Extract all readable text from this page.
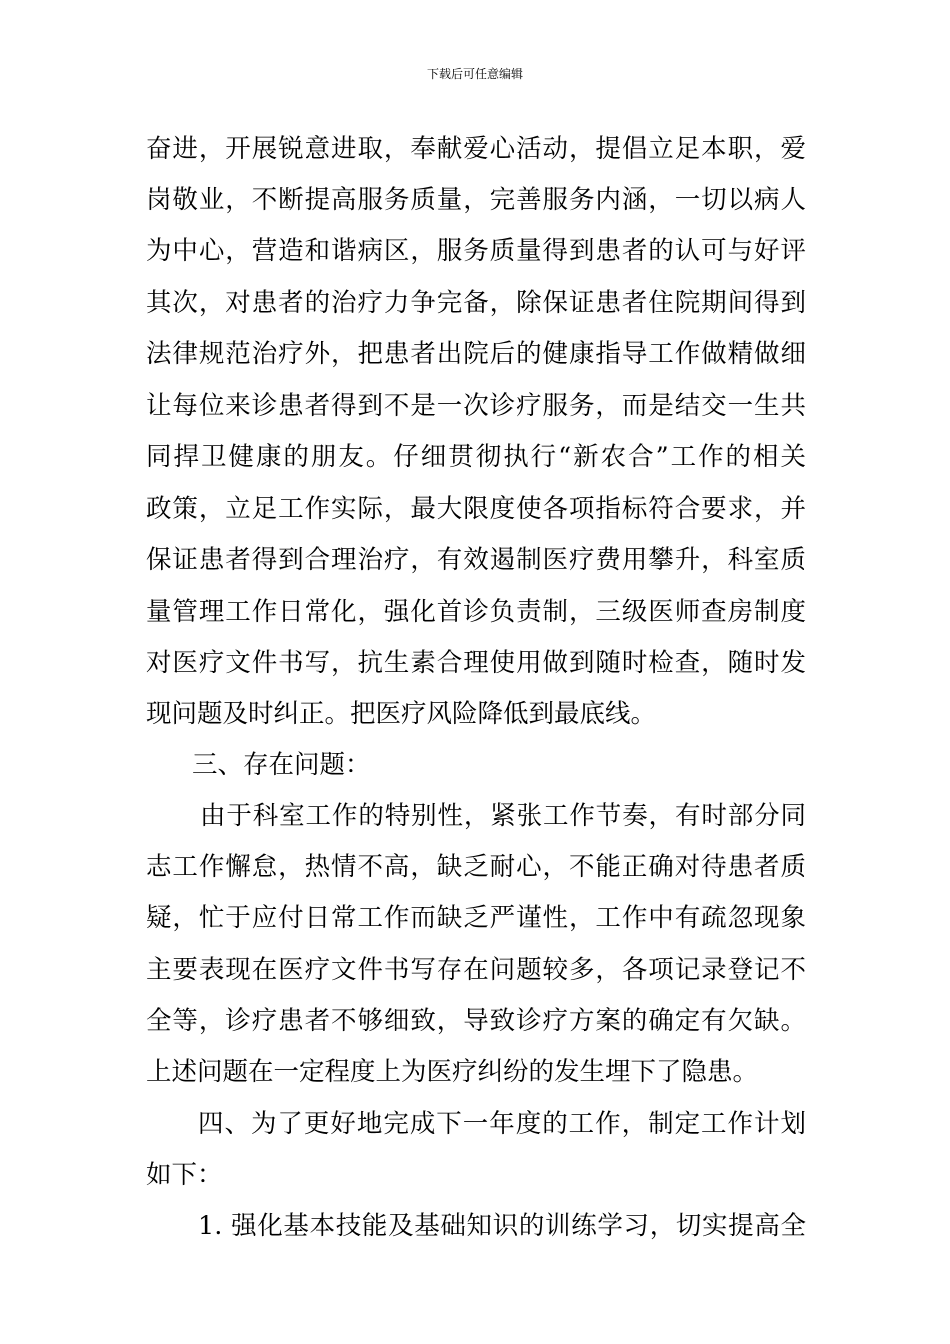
下载后可任意编辑
奋进，开展锐意进取，奉献爱心活动，提倡立足本职，爱
岗敬业，不断提高服务质量，完善服务内涵，一切以病人
为中心，营造和谐病区，服务质量得到患者的认可与好评
其次，对患者的治疗力争完备，除保证患者住院期间得到
法律规范治疗外，把患者出院后的健康指导工作做精做细
让每位来诊患者得到不是一次诊疗服务，而是结交一生共
同捍卫健康的朋友。仔细贯彻执行“新农合”工作的相关
政策，立足工作实际，最大限度使各项指标符合要求，并
保证患者得到合理治疗，有效遏制医疗费用攀升，科室质
量管理工作日常化，强化首诊负责制，三级医师查房制度
对医疗文件书写，抗生素合理使用做到随时检查，随时发
现问题及时纠正。把医疗风险降低到最底线。
三、存在问题：
由于科室工作的特别性，紧张工作节奏，有时部分同
志工作懈怠，热情不高，缺乏耐心，不能正确对待患者质
疑，忙于应付日常工作而缺乏严谨性，工作中有疏忽现象
主要表现在医疗文件书写存在问题较多，各项记录登记不
全等，诊疗患者不够细致，导致诊疗方案的确定有欠缺。
上述问题在一定程度上为医疗纠纷的发生埋下了隐患。
四、为了更好地完成下一年度的工作，制定工作计划
如下：
1. 强化基本技能及基础知识的训练学习，切实提高全
